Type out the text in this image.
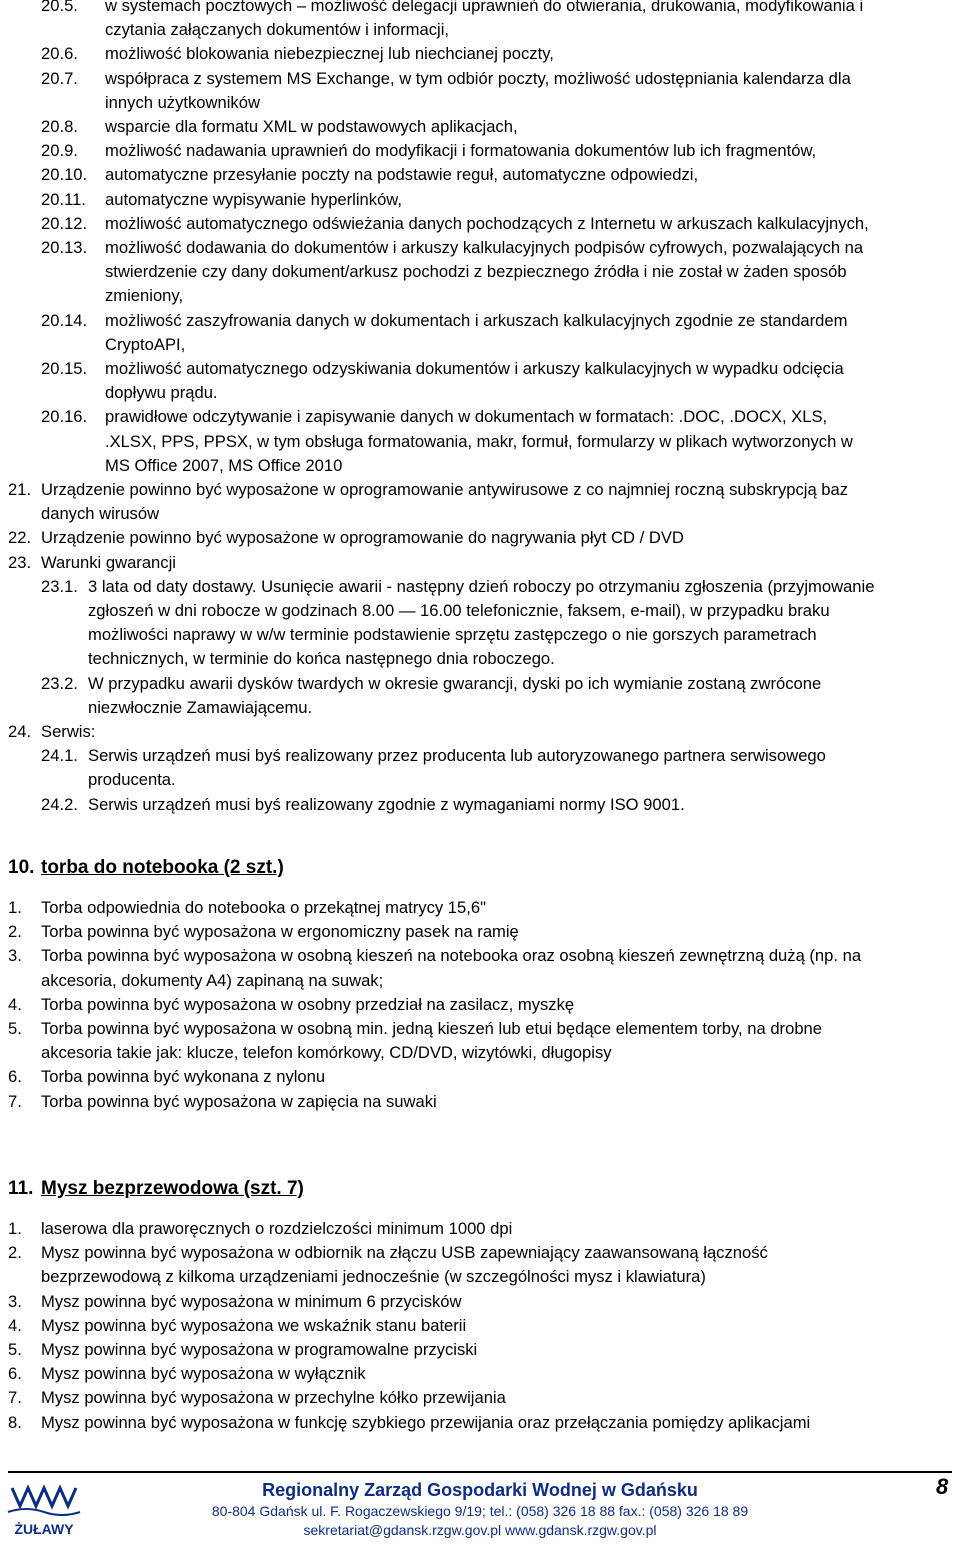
20.5. w systemach pocztowych – możliwość delegacji uprawnień do otwierania, drukowania, modyfikowania i
czytania załączanych dokumentów i informacji,
20.6. możliwość blokowania niebezpiecznej lub niechcianej poczty,
20.7. współpraca z systemem MS Exchange, w tym odbiór poczty, możliwość udostępniania kalendarza dla
innych użytkowników
20.8. wsparcie dla formatu XML w podstawowych aplikacjach,
20.9. możliwość nadawania uprawnień do modyfikacji i formatowania dokumentów lub ich fragmentów,
20.10. automatyczne przesyłanie poczty na podstawie reguł, automatyczne odpowiedzi,
20.11. automatyczne wypisywanie hyperlinków,
20.12. możliwość automatycznego odświeżania danych pochodzących z Internetu w arkuszach kalkulacyjnych,
20.13. możliwość dodawania do dokumentów i arkuszy kalkulacyjnych podpisów cyfrowych, pozwalających na
stwierdzenie czy dany dokument/arkusz pochodzi z bezpiecznego źródła i nie został w żaden sposób
zmieniony,
20.14. możliwość zaszyfrowania danych w dokumentach i arkuszach kalkulacyjnych zgodnie ze standardem
CryptoAPI,
20.15. możliwość automatycznego odzyskiwania dokumentów i arkuszy kalkulacyjnych w wypadku odcięcia
dopływu prądu.
20.16. prawidłowe odczytywanie i zapisywanie danych w dokumentach w formatach: .DOC, .DOCX, XLS,
.XLSX, PPS, PPSX, w tym obsługa formatowania, makr, formuł, formularzy w plikach wytworzonych w
MS Office 2007, MS Office 2010
21. Urządzenie powinno być wyposażone w oprogramowanie antywirusowe z co najmniej roczną subskrypcją baz
danych wirusów
22. Urządzenie powinno być wyposażone w oprogramowanie do nagrywania płyt CD / DVD
23. Warunki gwarancji
23.1. 3 lata od daty dostawy. Usunięcie awarii - następny dzień roboczy po otrzymaniu zgłoszenia (przyjmowanie
zgłoszeń w dni robocze w godzinach 8.00 — 16.00 telefonicznie, faksem, e-mail), w przypadku braku
możliwości naprawy w w/w terminie podstawienie sprzętu zastępczego o nie gorszych parametrach
technicznych, w terminie do końca następnego dnia roboczego.
23.2. W przypadku awarii dysków twardych w okresie gwarancji, dyski po ich wymianie zostaną zwrócone
niezwłocznie Zamawiającemu.
24. Serwis:
24.1. Serwis urządzeń musi byś realizowany przez producenta lub autoryzowanego partnera serwisowego
producenta.
24.2. Serwis urządzeń musi byś realizowany zgodnie z wymaganiami normy ISO 9001.
10. torba do notebooka (2 szt.)
1. Torba odpowiednia do notebooka o przekątnej matrycy 15,6"
2. Torba powinna być wyposażona w ergonomiczny pasek na ramię
3. Torba powinna być wyposażona w osobną kieszeń na notebooka oraz osobną kieszeń zewnętrzną dużą (np. na
akcesoria, dokumenty A4) zapinaną na suwak;
4. Torba powinna być wyposażona w osobny przedział na zasilacz, myszkę
5. Torba powinna być wyposażona w osobną min. jedną kieszeń lub etui będące elementem torby, na drobne
akcesoria takie jak: klucze, telefon komórkowy, CD/DVD, wizytówki, długopisy
6. Torba powinna być wykonana z nylonu
7. Torba powinna być wyposażona w zapięcia na suwaki
11. Mysz bezprzewodowa (szt. 7)
1. laserowa dla praworęcznych o rozdzielczości minimum 1000 dpi
2. Mysz powinna być wyposażona w odbiornik na złączu USB zapewniający zaawansowaną łączność
bezprzewodową z kilkoma urządzeniami jednocześnie (w szczególności mysz i klawiatura)
3. Mysz powinna być wyposażona w minimum 6 przycisków
4. Mysz powinna być wyposażona we wskaźnik stanu baterii
5. Mysz powinna być wyposażona w programowalne przyciski
6. Mysz powinna być wyposażona w wyłącznik
7. Mysz powinna być wyposażona w przechylne kółko przewijania
8. Mysz powinna być wyposażona w funkcję szybkiego przewijania oraz przełączania pomiędzy aplikacjami
ŻUŁAWY
Regionalny Zarząd Gospodarki Wodnej w Gdańsku
80-804 Gdańsk ul. F. Rogaczewskiego 9/19; tel.: (058) 326 18 88 fax.: (058) 326 18 89
sekretariat@gdansk.rzgw.gov.pl www.gdansk.rzgw.gov.pl
8
